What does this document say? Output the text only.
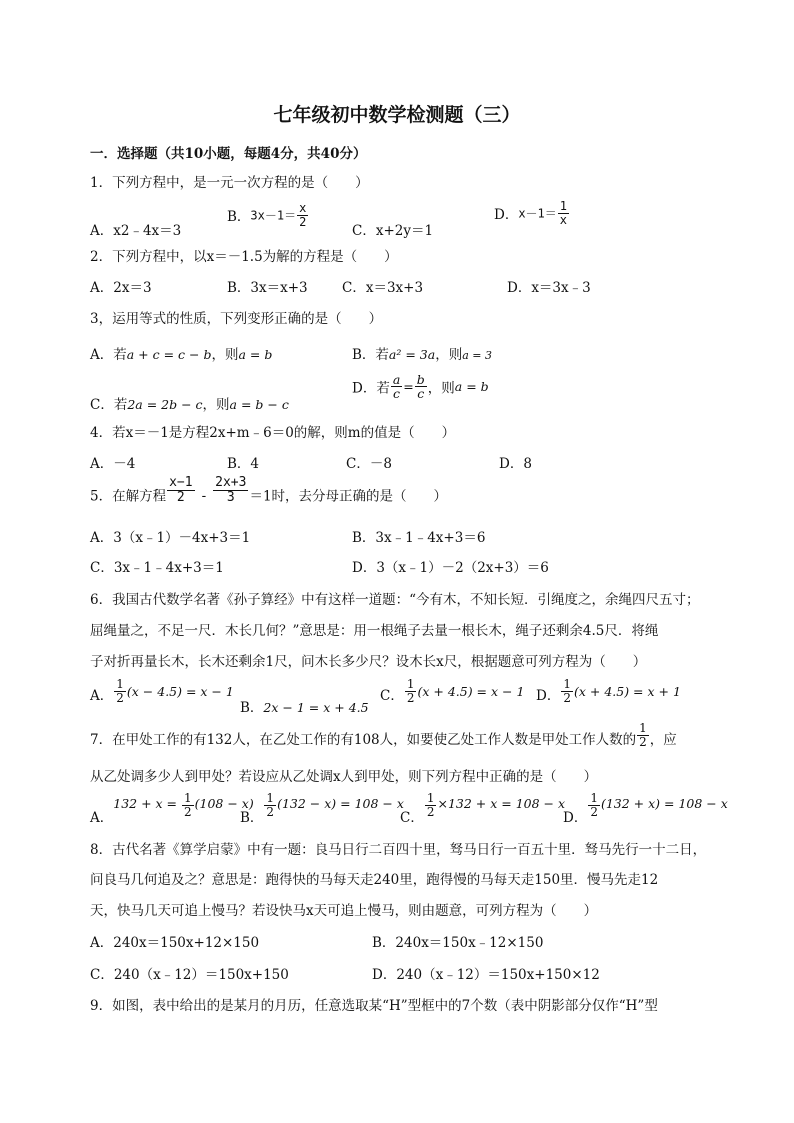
七年级初中数学检测题（三）
一．选择题（共10小题，每题4分，共40分）
1．下列方程中，是一元一次方程的是（　　）
A．x2﹣4x＝3
B．$3x-1= \frac{x}{2}$
C．x+2y＝1
D．$x-1= \frac{1}{x}$
2．下列方程中，以x＝－1.5为解的方程是（　　）
A．2x＝3	B．3x＝x+3	C．x＝3x+3	D．x＝3x﹣3
3，运用等式的性质，下列变形正确的是（　　）
A．若a + c = c − b，则a = b	B．若a² = 3a，则a = 3
C．若2a = 2b − c，则a = b − c
D．若 $\frac{a}{c} = \frac{b}{c}$ ，则a = b
4．若x＝－1是方程2x+m﹣6＝0的解，则m的值是（　　）
A．－4	B．4	C．－8	D．8
5．在解方程 $\frac{x-1}{2} - \frac{2x+3}{3} =1$时，去分母正确的是（　　）
A．3（x﹣1）－4x+3＝1	B．3x﹣1﹣4x+3＝6
C．3x﹣1﹣4x+3＝1	D．3（x﹣1）－2（2x+3）＝6
6．我国古代数学名著《孙子算经》中有这样一道题：“今有木，不知长短．引绳度之，余绳四尺五寸；
屈绳量之，不足一尺．木长几何？”意思是：用一根绳子去量一根长木，绳子还剩余4.5尺．将绳
子对折再量长木，长木还剩余1尺，问木长多少尺？设木长x尺，根据题意可列方程为（　　）
A． $\frac{1}{2} (x - 4.5) = x - 1$
B．2x − 1 = x + 4.5
C． $\frac{1}{2} (x + 4.5) = x - 1$ D． $\frac{1}{2} (x + 4.5) = x + 1$
7．在甲处工作的有132人，在乙处工作的有108人，如要使乙处工作人数是甲处工作人数的 $\frac{1}{2}$ ，应
从乙处调多少人到甲处？若设应从乙处调x人到甲处，则下列方程中正确的是（　　）
A．$132 + x = \frac{1}{2} (108 - x)$
B． $\frac{1}{2} (132 - x) = 108 - x$
C． $\frac{1}{2} \times 132 + x = 108 - x$
D． $\frac{1}{2} (132 + x) = 108 - x$
8．古代名著《算学启蒙》中有一题：良马日行二百四十里，驽马日行一百五十里．驽马先行一十二日，
问良马几何追及之？意思是：跑得快的马每天走240里，跑得慢的马每天走150里．慢马先走12
天，快马几天可追上慢马？若设快马x天可追上慢马，则由题意，可列方程为（　　）
A．240x＝150x+12×150	B．240x＝150x﹣12×150
C．240（x﹣12）＝150x+150	D．240（x﹣12）＝150x+150×12
9．如图，表中给出的是某月的月历，任意选取某“H”型框中的7个数（表中阴影部分仅作“H”型
